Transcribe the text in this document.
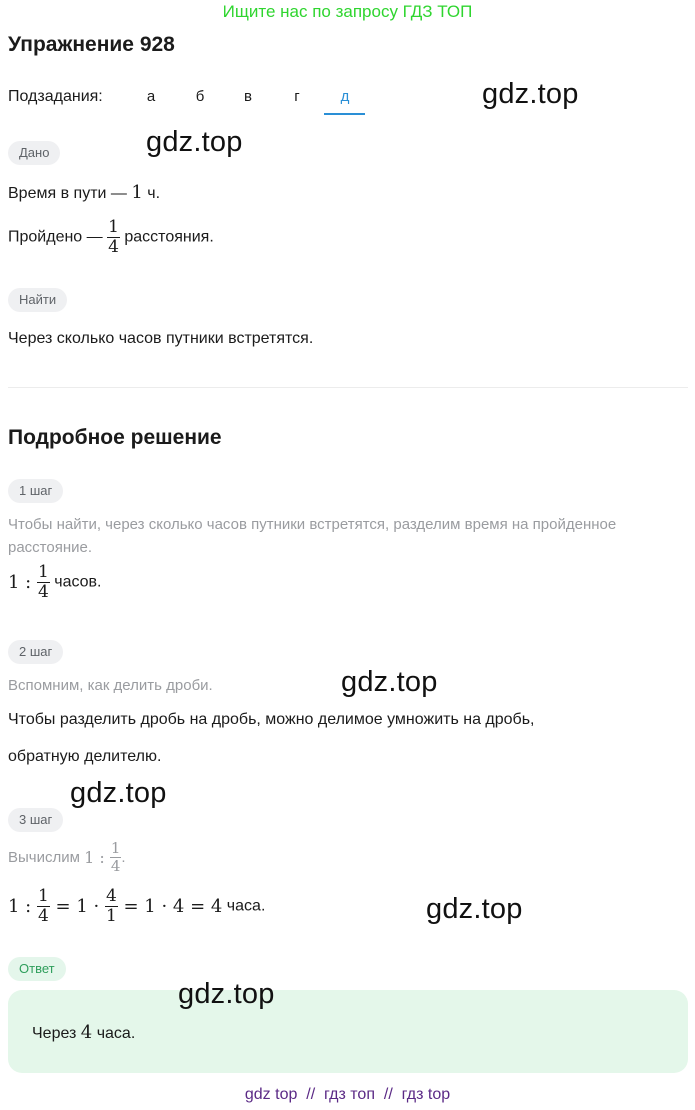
Ищите нас по запросу ГДЗ ТОП
Упражнение 928
Подзадания:	а	б	в	г	д	gdz.top
gdz.top
Дано
Время в пути — 1 ч.
Пройдено — $\frac{1}{4}$ расстояния.
Найти
Через сколько часов путники встретятся.
Подробное решение
1 шаг
Чтобы найти, через сколько часов путники встретятся, разделим время на пройденное
расстояние.
1 : $\frac{1}{4}$ часов.
2 шаг
Вспомним, как делить дроби.	gdz.top
Чтобы разделить дробь на дробь, можно делимое умножить на дробь,
обратную делителю.
gdz.top
3 шаг
Вычислим 1 : $\frac{1}{4}$ .
1 : $\frac{1}{4} = 1 \cdot \frac{4}{1} = 1 \cdot 4 = 4$ часа.	gdz.top
Ответ
gdz.top
Через 4 часа.
gdz top  //  гдз топ  //  гдз top
